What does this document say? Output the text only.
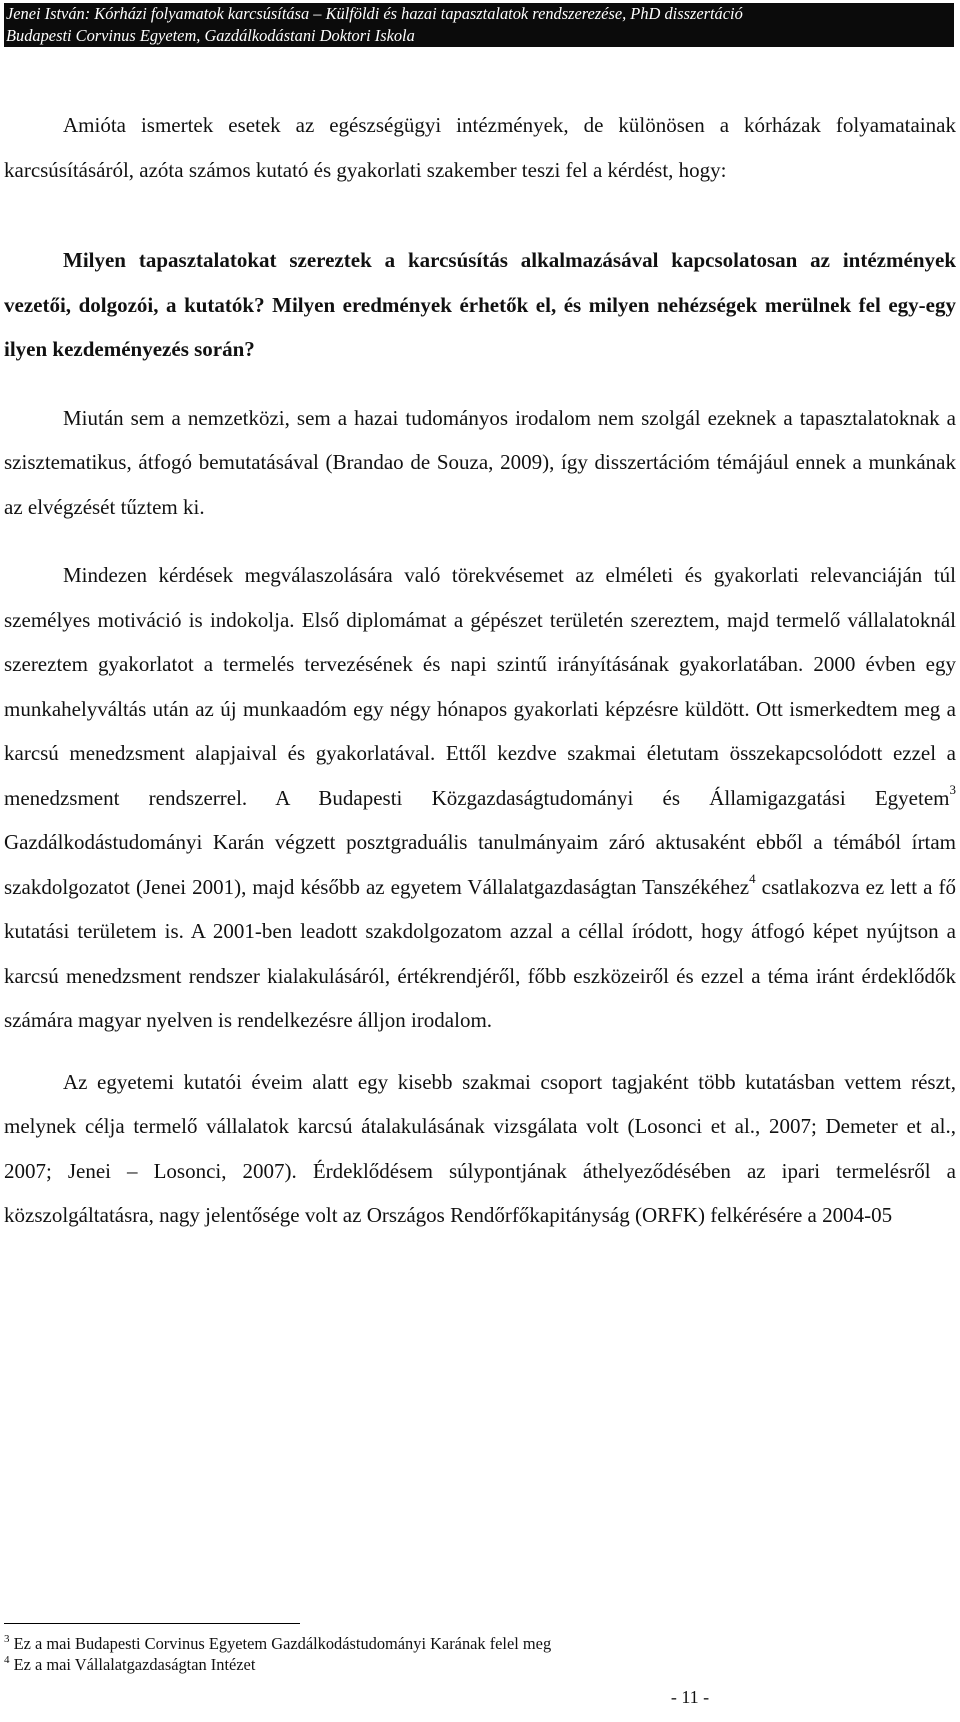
Jenei István: Kórházi folyamatok karcsúsítása – Külföldi és hazai tapasztalatok rendszerezése, PhD disszertáció
Budapesti Corvinus Egyetem, Gazdálkodástani Doktori Iskola

Amióta ismertek esetek az egészségügyi intézmények, de különösen a kórházak folyamatainak karcsúsításáról, azóta számos kutató és gyakorlati szakember teszi fel a kérdést, hogy:

Milyen tapasztalatokat szereztek a karcsúsítás alkalmazásával kapcsolatosan az intézmények vezetői, dolgozói, a kutatók? Milyen eredmények érhetők el, és milyen nehézségek merülnek fel egy-egy ilyen kezdeményezés során?

Miután sem a nemzetközi, sem a hazai tudományos irodalom nem szolgál ezeknek a tapasztalatoknak a szisztematikus, átfogó bemutatásával (Brandao de Souza, 2009), így disszertációm témájául ennek a munkának az elvégzését tűztem ki.

Mindezen kérdések megválaszolására való törekvésemet az elméleti és gyakorlati relevanciáján túl személyes motiváció is indokolja. Első diplomámat a gépészet területén szereztem, majd termelő vállalatoknál szereztem gyakorlatot a termelés tervezésének és napi szintű irányításának gyakorlatában. 2000 évben egy munkahelyváltás után az új munkaadóm egy négy hónapos gyakorlati képzésre küldött. Ott ismerkedtem meg a karcsú menedzsment alapjaival és gyakorlatával. Ettől kezdve szakmai életutam összekapcsolódott ezzel a menedzsment rendszerrel. A Budapesti Közgazdaságtudományi és Államigazgatási Egyetem$^3$ Gazdálkodástudományi Karán végzett posztgraduális tanulmányaim záró aktusaként ebből a témából írtam szakdolgozatot (Jenei 2001), majd később az egyetem Vállalatgazdaságtan Tanszékéhez$^4$ csatlakozva ez lett a fő kutatási területem is. A 2001-ben leadott szakdolgozatom azzal a céllal íródott, hogy átfogó képet nyújtson a karcsú menedzsment rendszer kialakulásáról, értékrendjéről, főbb eszközeiről és ezzel a téma iránt érdeklődők számára magyar nyelven is rendelkezésre álljon irodalom.

Az egyetemi kutatói éveim alatt egy kisebb szakmai csoport tagjaként több kutatásban vettem részt, melynek célja termelő vállalatok karcsú átalakulásának vizsgálata volt (Losonci et al., 2007; Demeter et al., 2007; Jenei – Losonci, 2007). Érdeklődésem súlypontjának áthelyeződésében az ipari termelésről a közszolgáltatásra, nagy jelentősége volt az Országos Rendőrfőkapitányság (ORFK) felkérésére a 2004-05

$^3$ Ez a mai Budapesti Corvinus Egyetem Gazdálkodástudományi Karának felel meg
$^4$ Ez a mai Vállalatgazdaságtan Intézet
- 11 -
